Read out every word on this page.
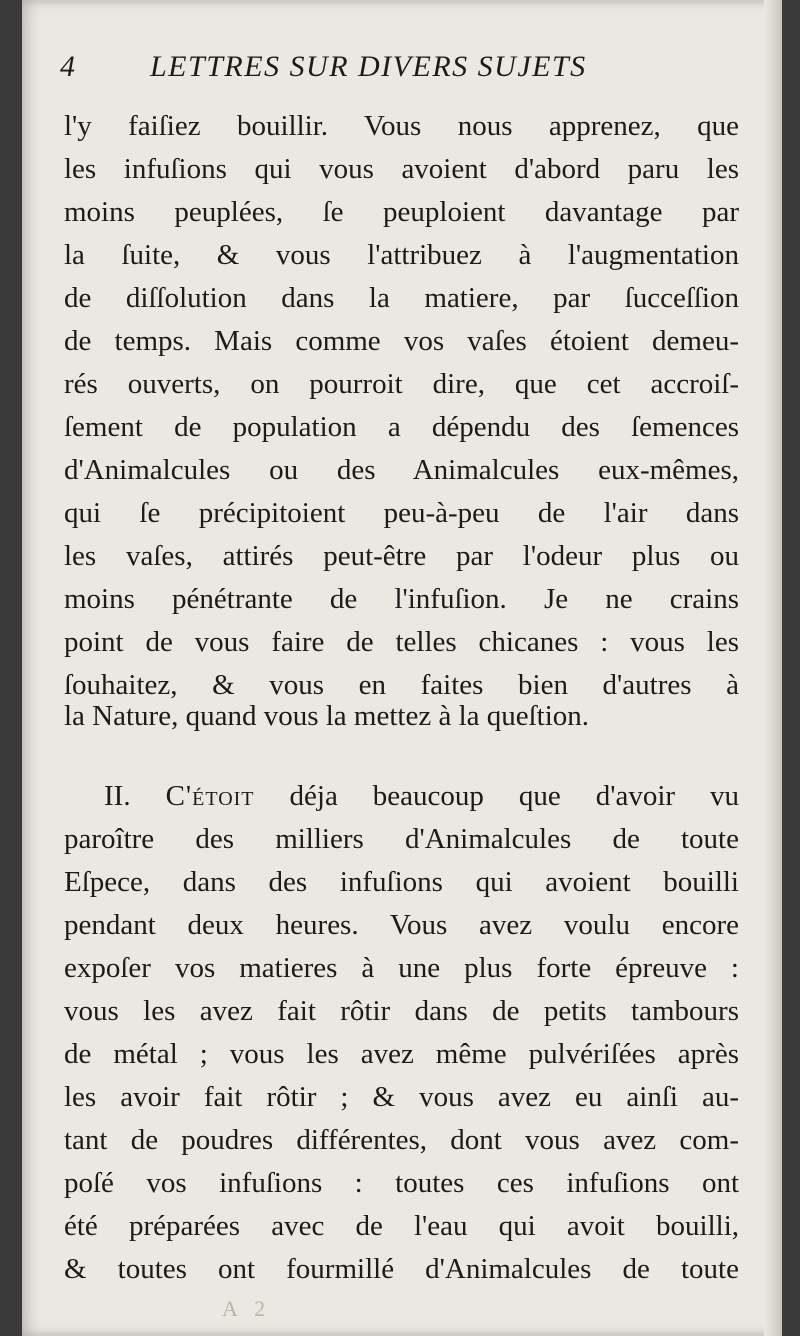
4 LETTRES SUR DIVERS SUJETS
l'y faiſiez bouillir. Vous nous apprenez, que
les infuſions qui vous avoient d'abord paru les
moins peuplées, ſe peuploient davantage par
la ſuite, & vous l'attribuez à l'augmentation
de diſſolution dans la matiere, par ſucceſſion
de temps. Mais comme vos vaſes étoient demeu-
rés ouverts, on pourroit dire, que cet accroiſ-
ſement de population a dépendu des ſemences
d'Animalcules ou des Animalcules eux-mêmes,
qui ſe précipitoient peu-à-peu de l'air dans
les vaſes, attirés peut-être par l'odeur plus ou
moins pénétrante de l'infuſion. Je ne crains
point de vous faire de telles chicanes : vous les
ſouhaitez, & vous en faites bien d'autres à
la Nature, quand vous la mettez à la queſtion.
II. C'étoit déja beaucoup que d'avoir vu
paroître des milliers d'Animalcules de toute
Eſpece, dans des infuſions qui avoient bouilli
pendant deux heures. Vous avez voulu encore
expoſer vos matieres à une plus forte épreuve :
vous les avez fait rôtir dans de petits tambours
de métal ; vous les avez même pulvériſées après
les avoir fait rôtir ; & vous avez eu ainſi au-
tant de poudres différentes, dont vous avez com-
poſé vos infuſions : toutes ces infuſions ont
été préparées avec de l'eau qui avoit bouilli,
& toutes ont fourmillé d'Animalcules de toute
A 2
